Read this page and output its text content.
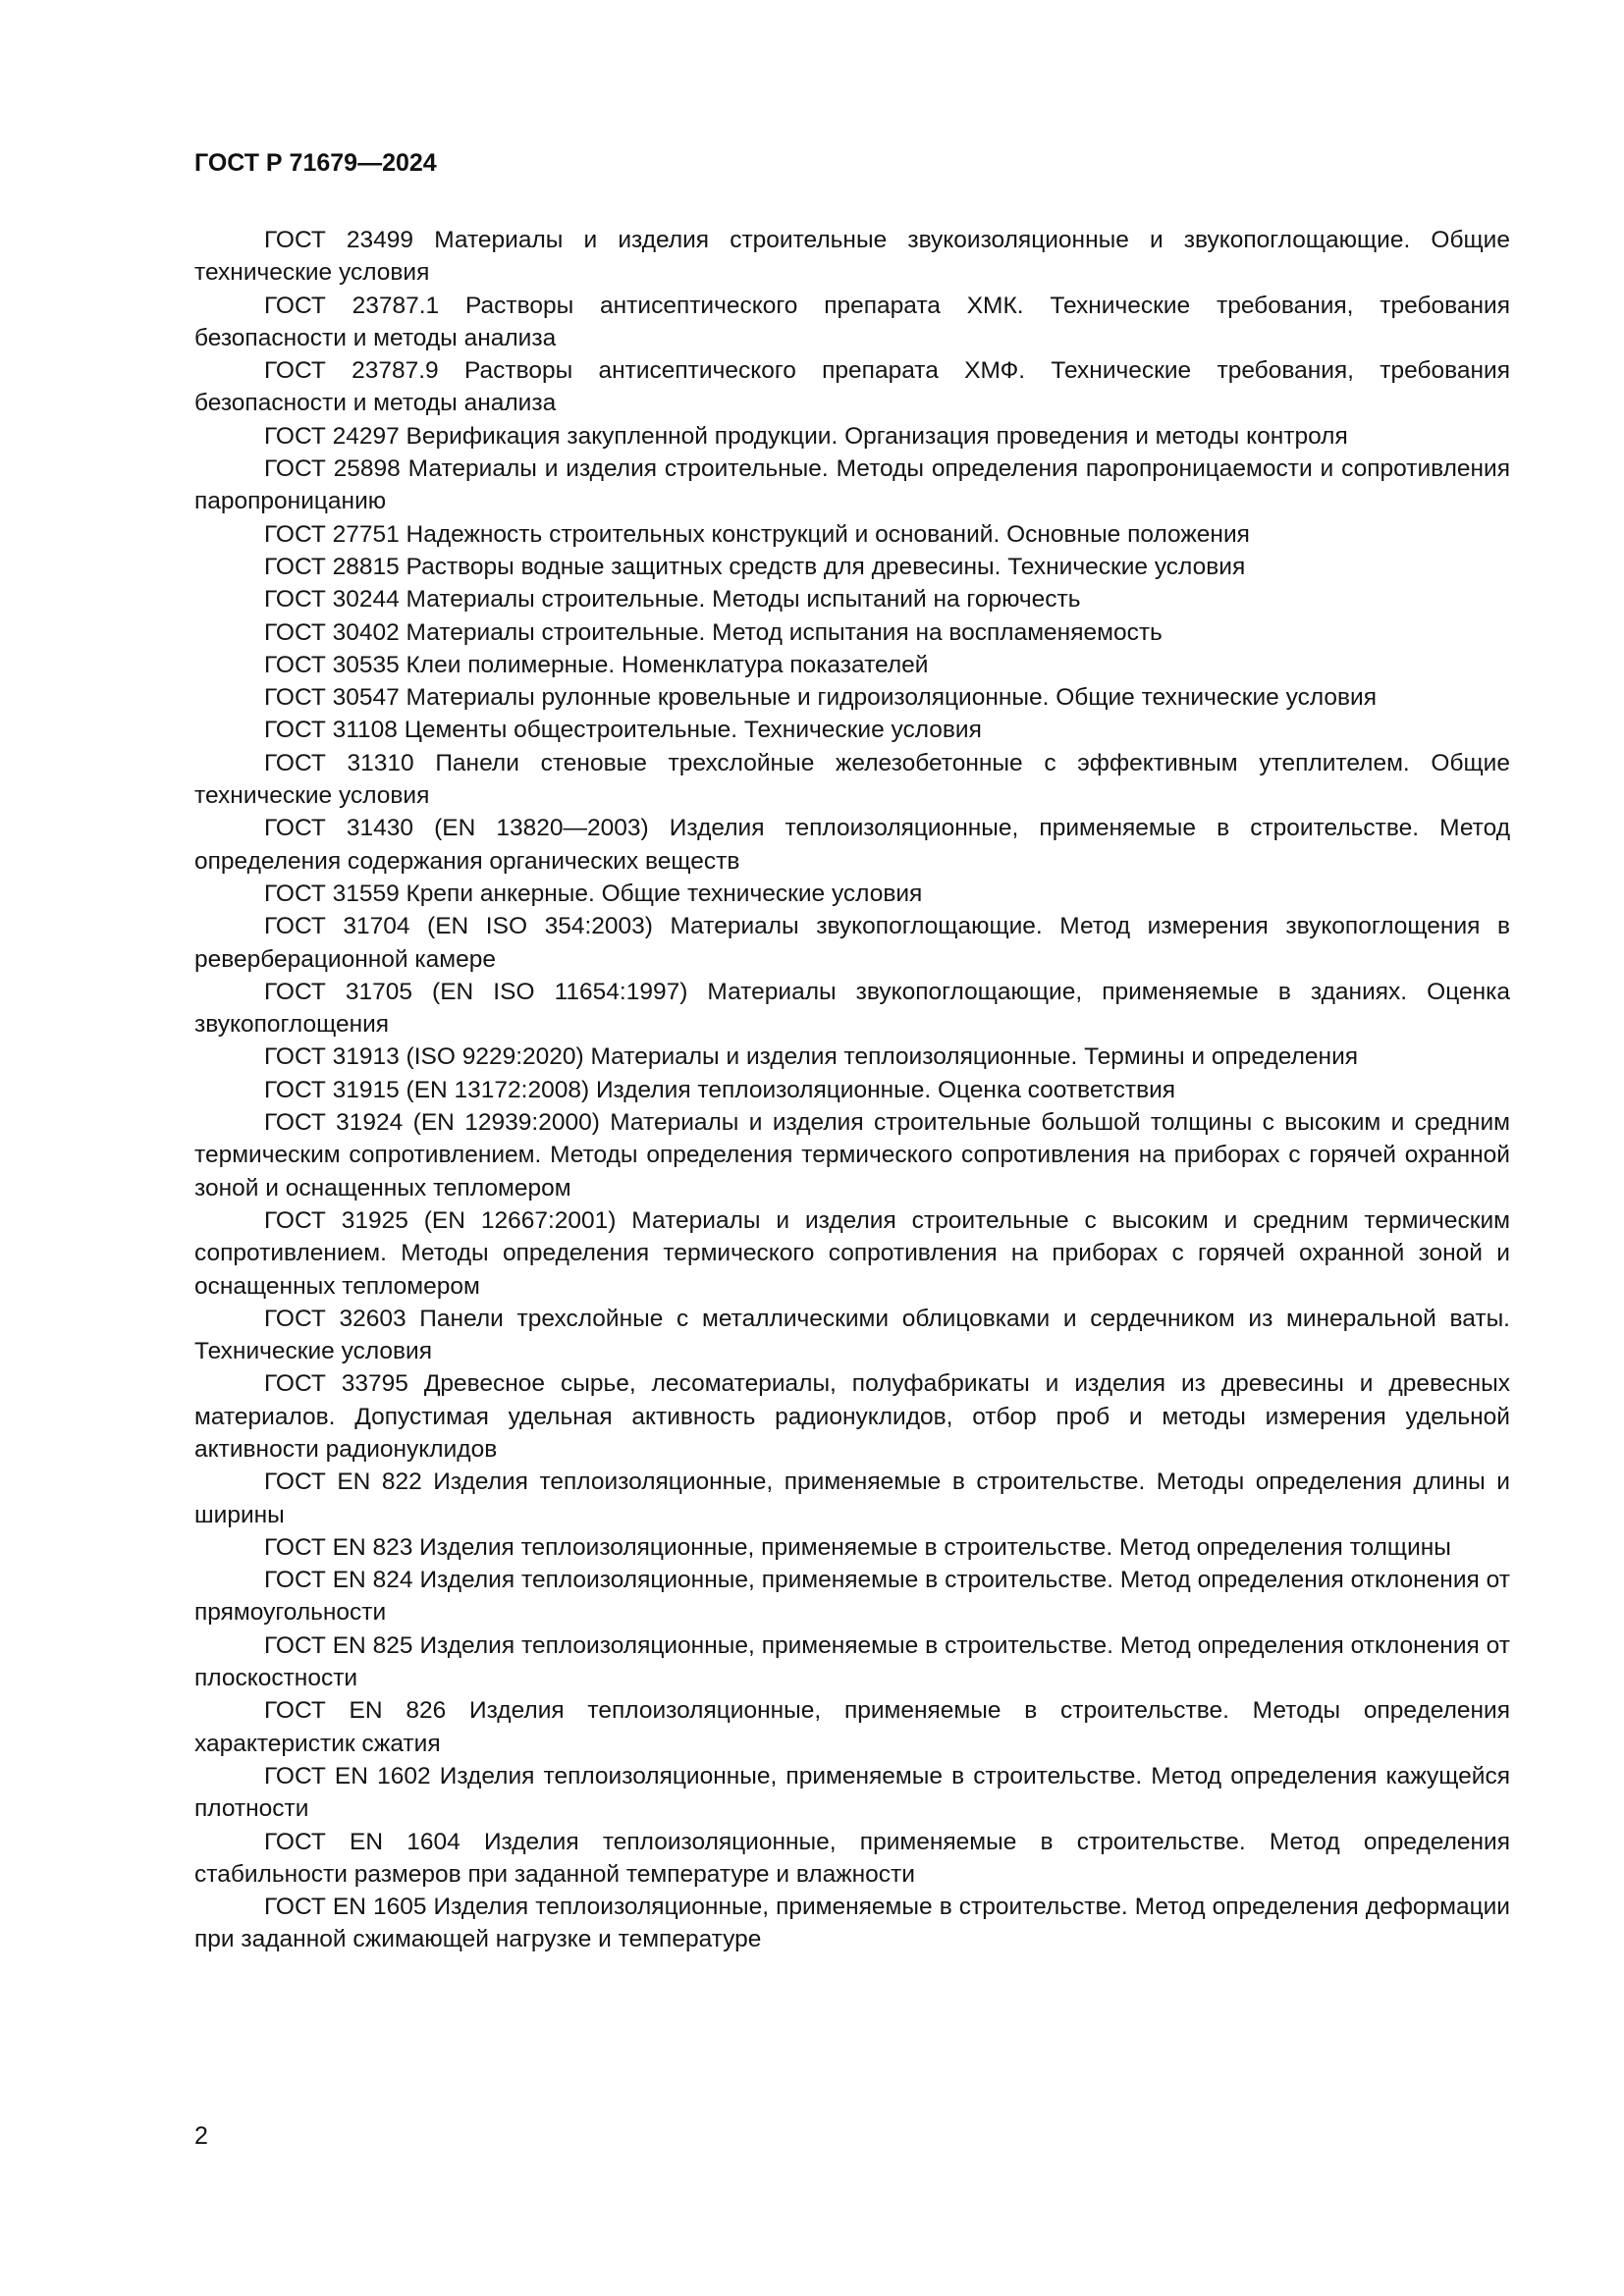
ГОСТ Р 71679—2024

ГОСТ 23499 Материалы и изделия строительные звукоизоляционные и звукопоглощающие. Общие технические условия
ГОСТ 23787.1 Растворы антисептического препарата ХМК. Технические требования, требования безопасности и методы анализа
ГОСТ 23787.9 Растворы антисептического препарата ХМФ. Технические требования, требования безопасности и методы анализа
ГОСТ 24297 Верификация закупленной продукции. Организация проведения и методы контроля
ГОСТ 25898 Материалы и изделия строительные. Методы определения паропроницаемости и сопротивления паропроницанию
ГОСТ 27751 Надежность строительных конструкций и оснований. Основные положения
ГОСТ 28815 Растворы водные защитных средств для древесины. Технические условия
ГОСТ 30244 Материалы строительные. Методы испытаний на горючесть
ГОСТ 30402 Материалы строительные. Метод испытания на воспламеняемость
ГОСТ 30535 Клеи полимерные. Номенклатура показателей
ГОСТ 30547 Материалы рулонные кровельные и гидроизоляционные. Общие технические условия
ГОСТ 31108 Цементы общестроительные. Технические условия
ГОСТ 31310 Панели стеновые трехслойные железобетонные с эффективным утеплителем. Общие технические условия
ГОСТ 31430 (EN 13820—2003) Изделия теплоизоляционные, применяемые в строительстве. Метод определения содержания органических веществ
ГОСТ 31559 Крепи анкерные. Общие технические условия
ГОСТ 31704 (EN ISO 354:2003) Материалы звукопоглощающие. Метод измерения звукопоглощения в реверберационной камере
ГОСТ 31705 (EN ISO 11654:1997) Материалы звукопоглощающие, применяемые в зданиях. Оценка звукопоглощения
ГОСТ 31913 (ISO 9229:2020) Материалы и изделия теплоизоляционные. Термины и определения
ГОСТ 31915 (EN 13172:2008) Изделия теплоизоляционные. Оценка соответствия
ГОСТ 31924 (EN 12939:2000) Материалы и изделия строительные большой толщины с высоким и средним термическим сопротивлением. Методы определения термического сопротивления на приборах с горячей охранной зоной и оснащенных тепломером
ГОСТ 31925 (EN 12667:2001) Материалы и изделия строительные с высоким и средним термическим сопротивлением. Методы определения термического сопротивления на приборах с горячей охранной зоной и оснащенных тепломером
ГОСТ 32603 Панели трехслойные с металлическими облицовками и сердечником из минеральной ваты. Технические условия
ГОСТ 33795 Древесное сырье, лесоматериалы, полуфабрикаты и изделия из древесины и древесных материалов. Допустимая удельная активность радионуклидов, отбор проб и методы измерения удельной активности радионуклидов
ГОСТ EN 822 Изделия теплоизоляционные, применяемые в строительстве. Методы определения длины и ширины
ГОСТ EN 823 Изделия теплоизоляционные, применяемые в строительстве. Метод определения толщины
ГОСТ EN 824 Изделия теплоизоляционные, применяемые в строительстве. Метод определения отклонения от прямоугольности
ГОСТ EN 825 Изделия теплоизоляционные, применяемые в строительстве. Метод определения отклонения от плоскостности
ГОСТ EN 826 Изделия теплоизоляционные, применяемые в строительстве. Методы определения характеристик сжатия
ГОСТ EN 1602 Изделия теплоизоляционные, применяемые в строительстве. Метод определения кажущейся плотности
ГОСТ EN 1604 Изделия теплоизоляционные, применяемые в строительстве. Метод определения стабильности размеров при заданной температуре и влажности
ГОСТ EN 1605 Изделия теплоизоляционные, применяемые в строительстве. Метод определения деформации при заданной сжимающей нагрузке и температуре

2
